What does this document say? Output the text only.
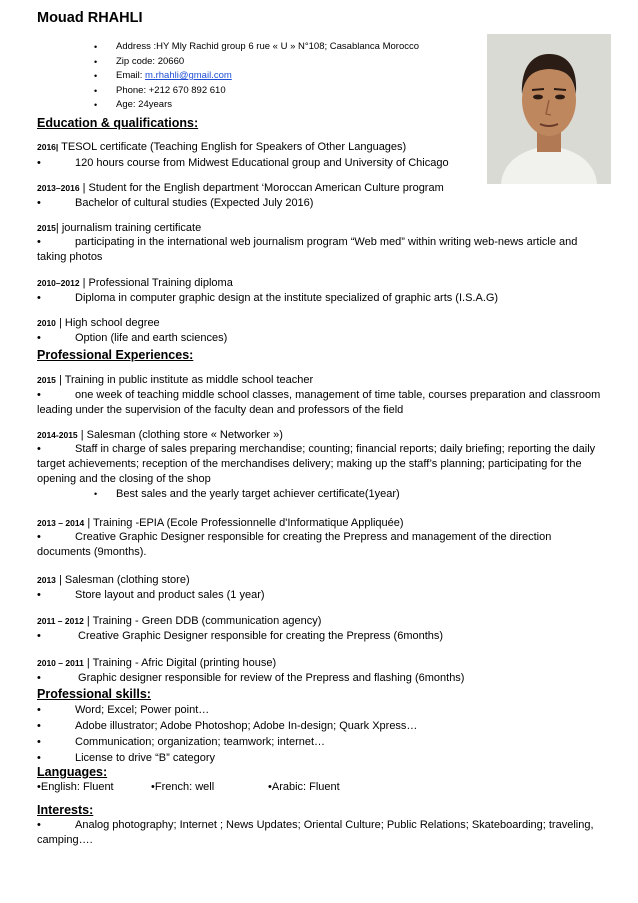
Mouad RHAHLI
• Address :HY Mly Rachid group 6 rue « U » N°108; Casablanca Morocco
• Zip code: 20660
• Email: m.rhahli@gmail.com
• Phone: +212 670 892 610
• Age: 24years
Education & qualifications:
2016| TESOL certificate (Teaching English for Speakers of Other Languages)
•	120 hours course from Midwest Educational group and University of Chicago
2013–2016 | Student for the English department ‘Moroccan American Culture program
•	Bachelor of cultural studies (Expected July 2016)
2015| journalism training certificate
•	participating in the international web journalism program “Web med” within writing web-news article and taking photos
2010–2012 | Professional Training diploma
•	Diploma in computer graphic design at the institute specialized of graphic arts (I.S.A.G)
2010 | High school degree
•	Option (life and earth sciences)
Professional Experiences:
2015 | Training in public institute as middle school teacher
•	one week of teaching middle school classes, management of time table, courses preparation and classroom leading under the supervision of the faculty dean and professors of the field
2014-2015 | Salesman (clothing store « Networker »)
•	Staff in charge of sales preparing merchandise; counting; financial reports; daily briefing; reporting the daily target achievements; reception of the merchandises delivery; making up the staff’s planning; participating for the opening and the closing of the shop
• Best sales and the yearly target achiever certificate(1year)
2013 – 2014 | Training -EPIA (Ecole Professionnelle d'Informatique Appliquée)
•	Creative Graphic Designer responsible for creating the Prepress and management of the direction documents (9months).
2013 | Salesman (clothing store)
•	Store layout and product sales (1 year)
2011 – 2012 | Training - Green DDB (communication agency)
•	Creative Graphic Designer responsible for creating the Prepress (6months)
2010 – 2011 | Training - Afric Digital (printing house)
•	Graphic designer responsible for review of the Prepress and flashing (6months)
Professional skills:
•	Word; Excel; Power point…
•	Adobe illustrator; Adobe Photoshop; Adobe In-design; Quark Xpress…
•	Communication; organization; teamwork; internet…
•	License to drive “B” category
Languages:
•English: Fluent	•French: well	•Arabic: Fluent
Interests:
•	Analog photography; Internet ; News Updates; Oriental Culture; Public Relations; Skateboarding; traveling, camping….
